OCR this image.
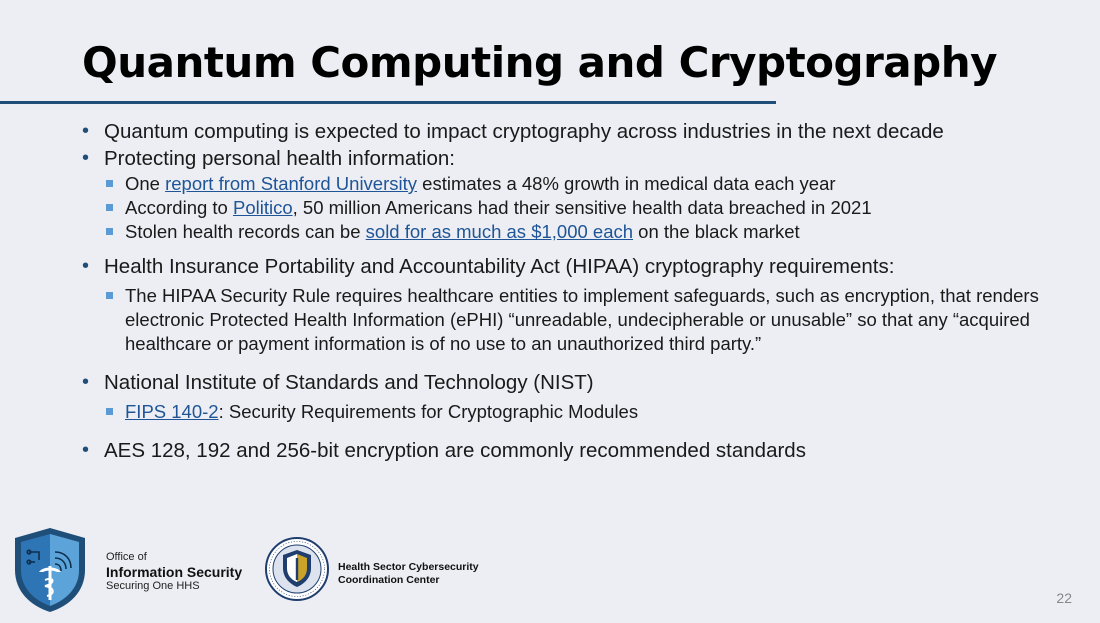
Quantum Computing and Cryptography
• Quantum computing is expected to impact cryptography across industries in the next decade
• Protecting personal health information:
One report from Stanford University estimates a 48% growth in medical data each year
According to Politico, 50 million Americans had their sensitive health data breached in 2021
Stolen health records can be sold for as much as $1,000 each on the black market
• Health Insurance Portability and Accountability Act (HIPAA) cryptography requirements:
The HIPAA Security Rule requires healthcare entities to implement safeguards, such as encryption, that renders electronic Protected Health Information (ePHI) “unreadable, undecipherable or unusable” so that any “acquired healthcare or payment information is of no use to an unauthorized third party.”
• National Institute of Standards and Technology (NIST)
FIPS 140-2: Security Requirements for Cryptographic Modules
• AES 128, 192 and 256-bit encryption are commonly recommended standards
Office of
Information Security
Securing One HHS
Health Sector Cybersecurity
Coordination Center
22
